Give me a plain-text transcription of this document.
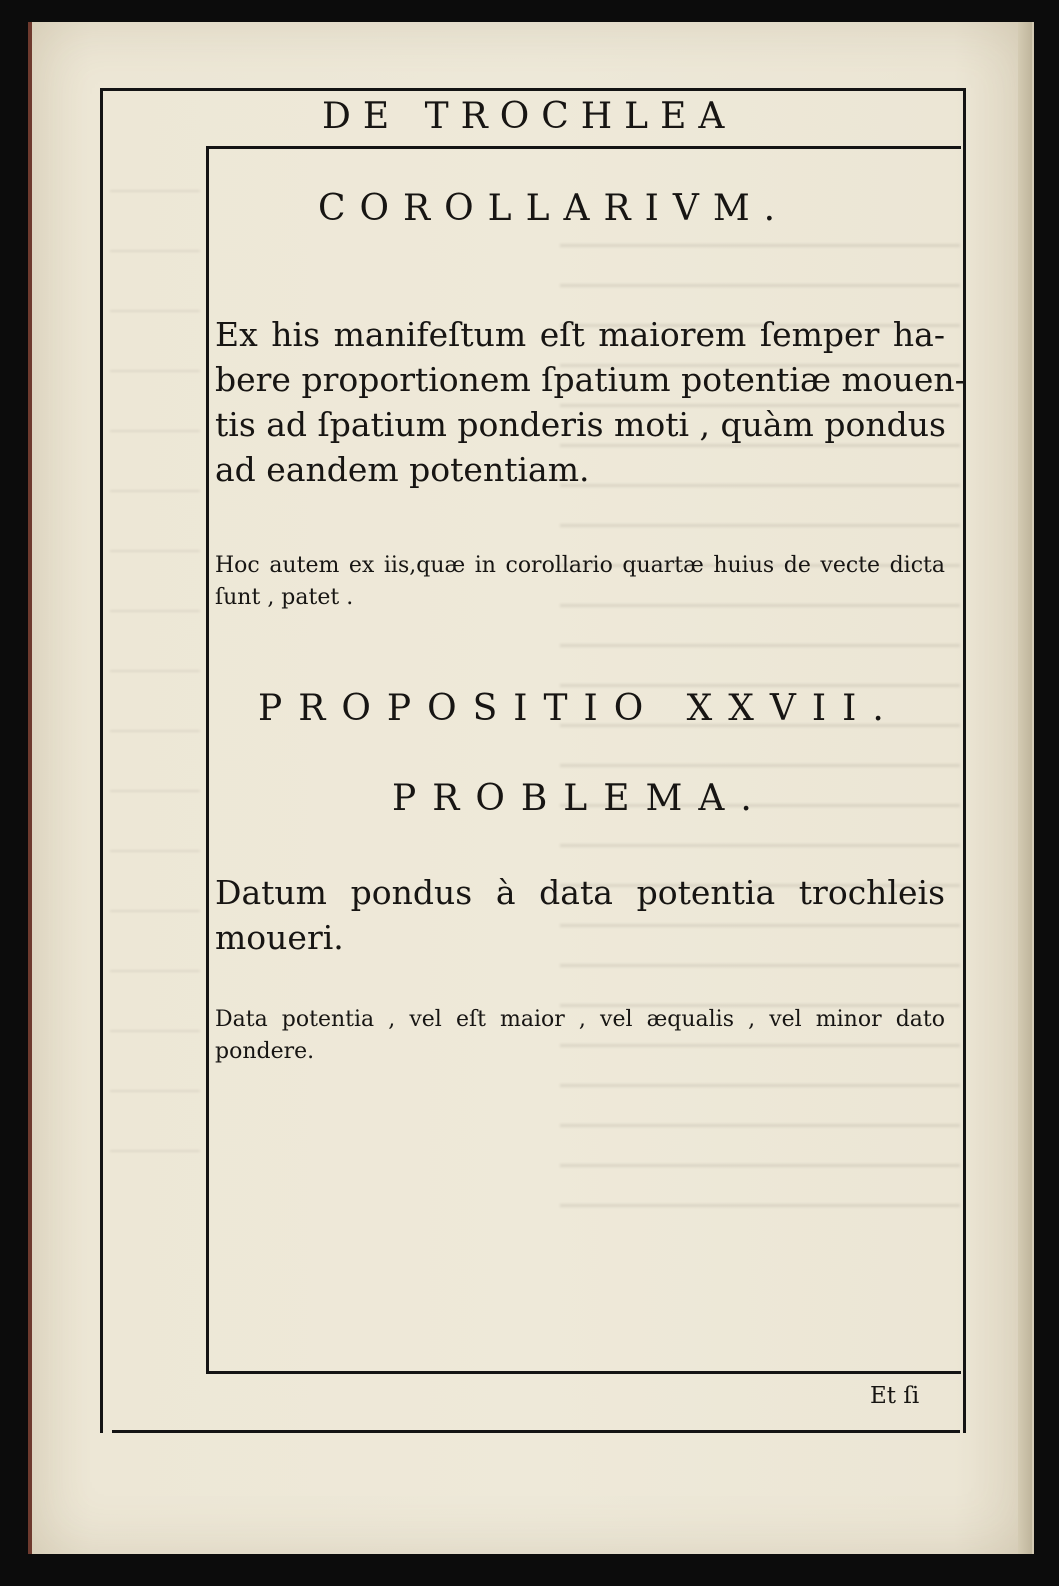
DE TROCHLEA
COROLLARIVM.
Ex his manifeſtum eſt maiorem ſemper ha-
bere proportionem ſpatium potentiæ mouen-
tis ad ſpatium ponderis moti , quàm pondus
ad eandem potentiam.
Hoc autem ex iis,quæ in corollario quartæ huius de vecte dicta
ſunt , patet .
PROPOSITIO XXVII.
PROBLEMA.
Datum pondus à data potentia trochleis
moueri.
Data potentia , vel eſt maior , vel æqualis , vel minor dato
pondere.
Et ſi
